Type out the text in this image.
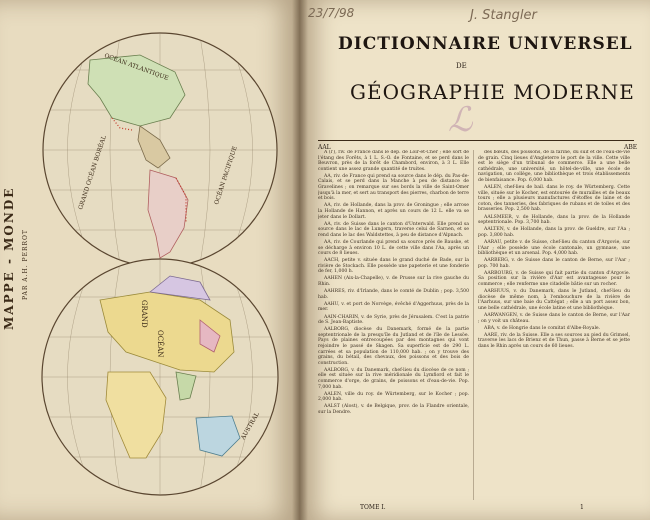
OCÉAN ATLANTIQUE
GRAND OCÉAN BORÉAL	OCÉAN PACIFIQUE
GRAND
OCÉAN
AUSTRAL
MAPPE - MONDE PAR A.H. PERROT
23/7/98	J. Stangler
DICTIONNAIRE UNIVERSEL
DE
GÉOGRAPHIE MODERNE
ℒ
AAL	ABE

A (l'), riv. de France dans le dép. de Loir-et-Cher ; elle sort de l'étang des Forêts, à 1 L. S.-O. de Fontaine, et se perd dans le Beuvron, près de la forêt de Chambord, environ, à 3 L. Elle contient une assez grande quantité de truites.

AA, riv. de France qui prend sa source dans le dép. du Pas-de-Calais, et se perd dans la Manche à peu de distance de Gravelines ; on remarque sur ses bords la ville de Saint-Omer jusqu'à la mer, et sert au transport des pierres, charbon de terre et bois.

AA, riv. de Hollande, dans la prov. de Groningue ; elle arrose la Hollande de Hannon, et après un cours de 12 L. elle va se jeter dans le Dollart.

AA, riv. de Suisse dans le canton d'Unterwald. Elle prend sa source dans le lac de Lungern, traverse celui de Sarnen, et se rend dans le lac des Waldstettes, à peu de distance d'Alpnach.

AA, riv. de Courlande qui prend sa source près de Bauske, et se décharge à environ 10 L. de cette ville dans l'Aa, après un cours de 8 lieues.

AACH, petite v. située dans le grand duché de Bade, sur la rivière de Stockach. Elle possède une papeterie et une fonderie de fer, 1,000 h.

AAHEN (Aix-la-Chapelle), v. de Prusse sur la rive gauche du Rhin.

AAHRES, riv. d'Irlande, dans le comté de Dublin ; pop. 3,500 hab.

AAHU, v. et port de Norvège, évêché d'Aggerhuus, près de la mer.

AAIN-CHARIN, v. de Syrie, près de Jérusalem. C'est la patrie de S. Jean-Baptiste.

AALBORG, diocèse du Danemark, formé de la partie septentrionale de la presqu'île du Jutland et de l'île de Lessöe. Pays de plaines entrecoupées par des montagnes qui vont rejoindre le passé de Skagen. Sa superficie est de 290 L. carrées et sa population de 110,000 hab. ; on y trouve des grains, du bétail, des chevaux, des poissons et des bois de construction.

AALBORG, v. du Danemark, chef-lieu du diocèse de ce nom ; elle est située sur la rive méridionale du Lymfiord et fait le commerce d'orge, de grains, de poissons et d'eau-de-vie. Pop. 7,000 hab.

AALEN, ville du roy. de Würtemberg, sur le Kocher ; pop. 2,000 hab.

AALST (Alost), v. de Belgique, prov. de la Flandre orientale, sur la Dendre.

des bœufs, des poissons, de la farine, du suif et de l'eau-de-vie de grain. Cinq lieues d'Angleterre le port de la ville. Cette ville est le siège d'un tribunal de commerce. Elle a une belle cathédrale, une université, un hôtel-de-ville, une école de navigation, un collège, une bibliothèque et trois établissements de bienfaisance. Pop. 6,000 hab.

AALEN, chef-lieu de bail. dans le roy. de Würtemberg. Cette ville, située sur le Kocher, est entourée de murailles et de beaux tours ; elle a plusieurs manufactures d'étoffes de laine et de coton, des tanneries, des fabriques de rubans et de toiles et des brasseries. Pop. 2,500 hab.

AALSMEER, v. de Hollande, dans la prov. de la Hollande septentrionale. Pop. 3,700 hab.

AALTEN, v. de Hollande, dans la prov. de Gueldre, sur l'Aa ; pop. 3,800 hab.

AARAU, petite v. de Suisse, chef-lieu du canton d'Argovie, sur l'Aar ; elle possède une école cantonale, un gymnase, une bibliothèque et un arsenal. Pop. 4,000 hab.

AARBERG, v. de Suisse dans le canton de Berne, sur l'Aar ; pop. 700 hab.

AARBOURG, v. de Suisse qui fait partie du canton d'Argovie. Sa position sur la rivière d'Aar est avantageuse pour le commerce ; elle renferme une citadelle bâtie sur un rocher.

AARHUUS, v. du Danemark, dans le Jutland, chef-lieu du diocèse de même nom, à l'embouchure de la rivière de l'Aarhuus, sur une baie du Cattégat ; elle a un port assez bon, une belle cathédrale, une école latine et une bibliothèque.

AARWANGEN, v. de Suisse dans le canton de Berne, sur l'Aar ; on y voit un château.

ABA, v. de Hongrie dans le comitat d'Albe-Royale.

AARE, riv. de la Suisse. Elle a ses sources au pied du Grimsel, traverse les lacs de Brienz et de Thun, passe à Berne et se jette dans le Rhin après un cours de 60 lieues.

TOME I.	1
